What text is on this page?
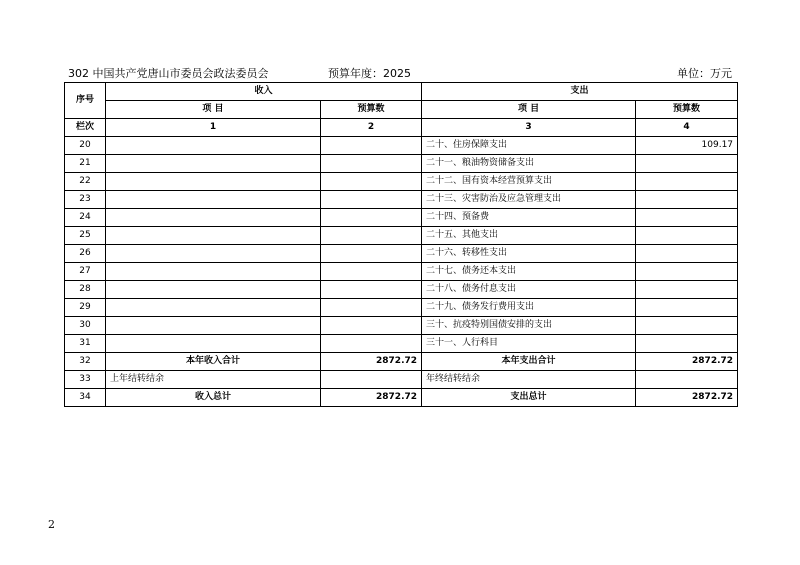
302 中国共产党唐山市委员会政法委员会	预算年度：2025	单位：万元
序号	收入		支出	
	项 目	预算数	项 目	预算数
栏次	1	2	3	4
20			二十、住房保障支出	109.17
21			二十一、粮油物资储备支出	
22			二十二、国有资本经营预算支出	
23			二十三、灾害防治及应急管理支出	
24			二十四、预备费	
25			二十五、其他支出	
26			二十六、转移性支出	
27			二十七、债务还本支出	
28			二十八、债务付息支出	
29			二十九、债务发行费用支出	
30			三十、抗疫特别国债安排的支出	
31			三十一、人行科目	
32	本年收入合计	2872.72	本年支出合计	2872.72
33	上年结转结余		年终结转结余	
34	收入总计	2872.72	支出总计	2872.72
2
